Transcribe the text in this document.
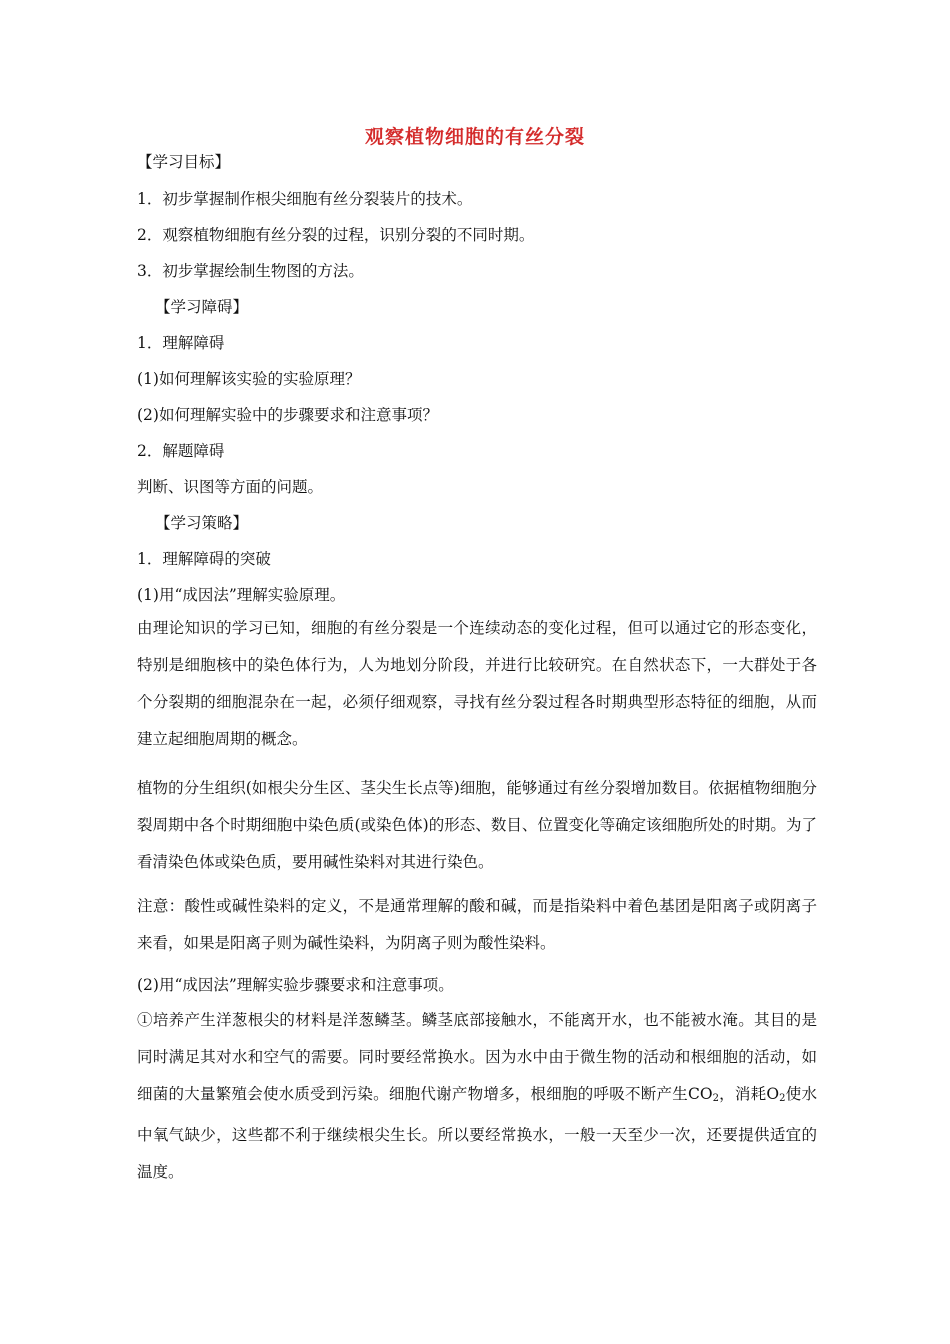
观察植物细胞的有丝分裂
【学习目标】
1．初步掌握制作根尖细胞有丝分裂装片的技术。
2．观察植物细胞有丝分裂的过程，识别分裂的不同时期。
3．初步掌握绘制生物图的方法。
【学习障碍】
1．理解障碍
(1)如何理解该实验的实验原理？
(2)如何理解实验中的步骤要求和注意事项？
2．解题障碍
判断、识图等方面的问题。
【学习策略】
1．理解障碍的突破
(1)用“成因法”理解实验原理。
由理论知识的学习已知，细胞的有丝分裂是一个连续动态的变化过程，但可以通过它的形态变化，特别是细胞核中的染色体行为，人为地划分阶段，并进行比较研究。在自然状态下，一大群处于各个分裂期的细胞混杂在一起，必须仔细观察，寻找有丝分裂过程各时期典型形态特征的细胞，从而建立起细胞周期的概念。
植物的分生组织(如根尖分生区、茎尖生长点等)细胞，能够通过有丝分裂增加数目。依据植物细胞分裂周期中各个时期细胞中染色质(或染色体)的形态、数目、位置变化等确定该细胞所处的时期。为了看清染色体或染色质，要用碱性染料对其进行染色。
注意：酸性或碱性染料的定义，不是通常理解的酸和碱，而是指染料中着色基团是阳离子或阴离子来看，如果是阳离子则为碱性染料，为阴离子则为酸性染料。
(2)用“成因法”理解实验步骤要求和注意事项。
①培养产生洋葱根尖的材料是洋葱鳞茎。鳞茎底部接触水，不能离开水，也不能被水淹。其目的是同时满足其对水和空气的需要。同时要经常换水。因为水中由于微生物的活动和根细胞的活动，如细菌的大量繁殖会使水质受到污染。细胞代谢产物增多，根细胞的呼吸不断产生$CO_2$，消耗$O_2$使水中氧气缺少，这些都不利于继续根尖生长。所以要经常换水，一般一天至少一次，还要提供适宜的温度。
